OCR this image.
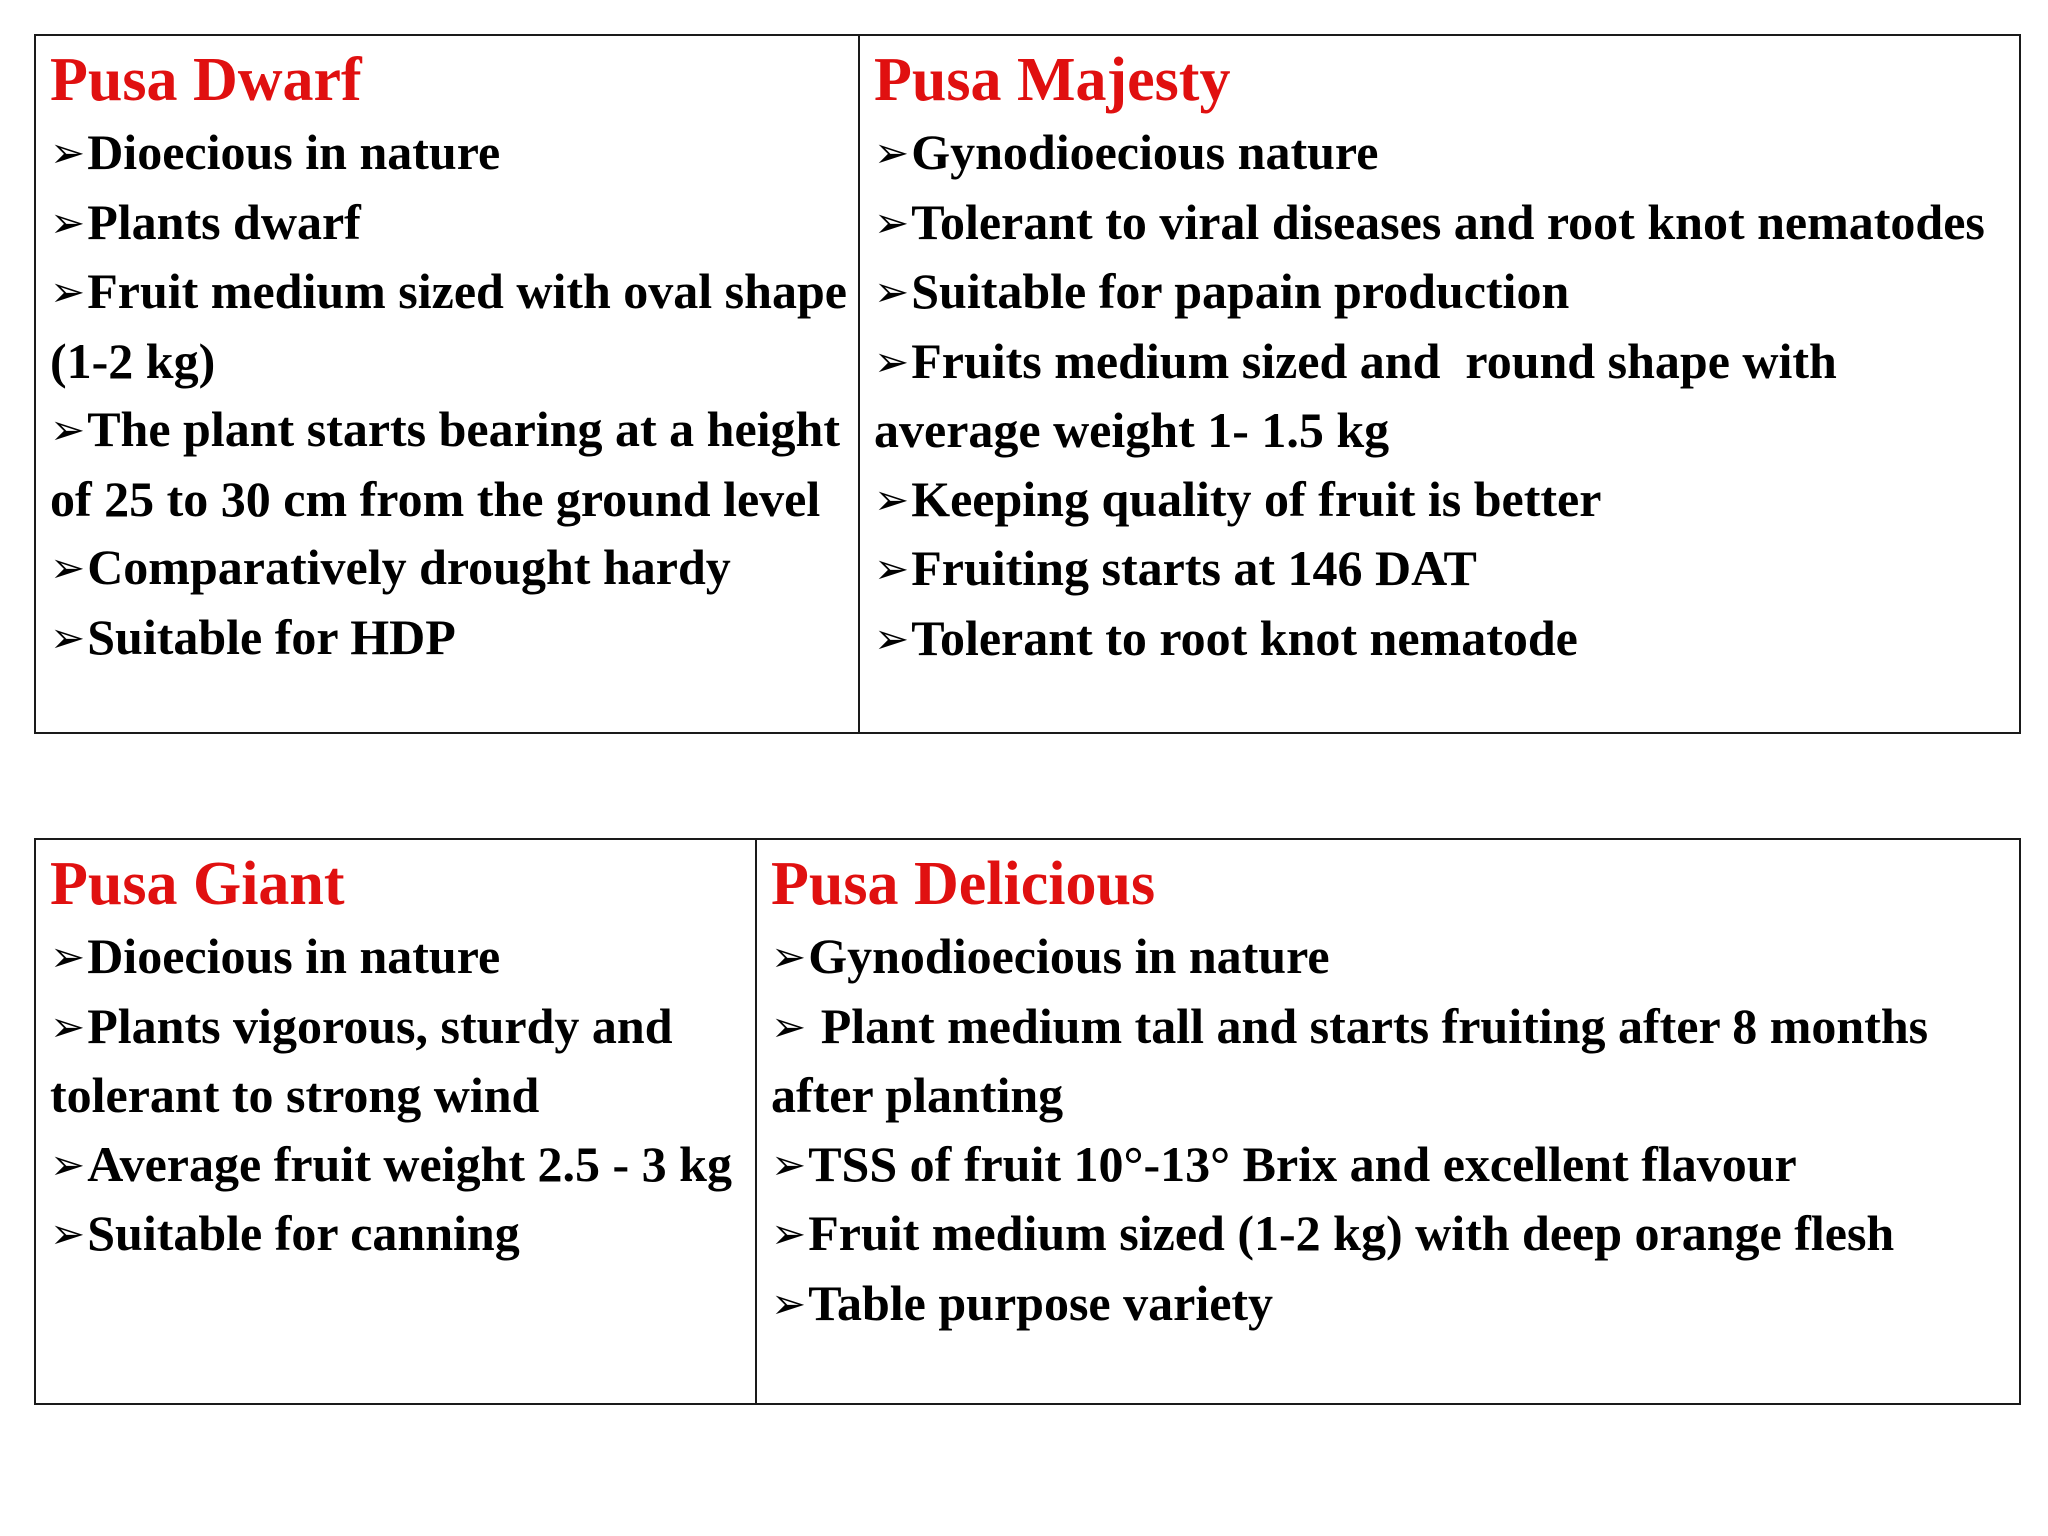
Pusa Dwarf
➢Dioecious in nature
➢Plants dwarf
➢Fruit medium sized with oval shape (1-2 kg)
➢The plant starts bearing at a height of 25 to 30 cm from the ground level
➢Comparatively drought hardy
➢Suitable for HDP
Pusa Majesty
➢Gynodioecious nature
➢Tolerant to viral diseases and root knot nematodes
➢Suitable for papain production
➢Fruits medium sized and  round shape with average weight 1- 1.5 kg
➢Keeping quality of fruit is better
➢Fruiting starts at 146 DAT
➢Tolerant to root knot nematode
Pusa Giant
➢Dioecious in nature
➢Plants vigorous, sturdy and tolerant to strong wind
➢Average fruit weight 2.5 - 3 kg
➢Suitable for canning
Pusa Delicious
➢Gynodioecious in nature
➢ Plant medium tall and starts fruiting after 8 months after planting
➢TSS of fruit 10°-13° Brix and excellent flavour
➢Fruit medium sized (1-2 kg) with deep orange flesh
➢Table purpose variety
